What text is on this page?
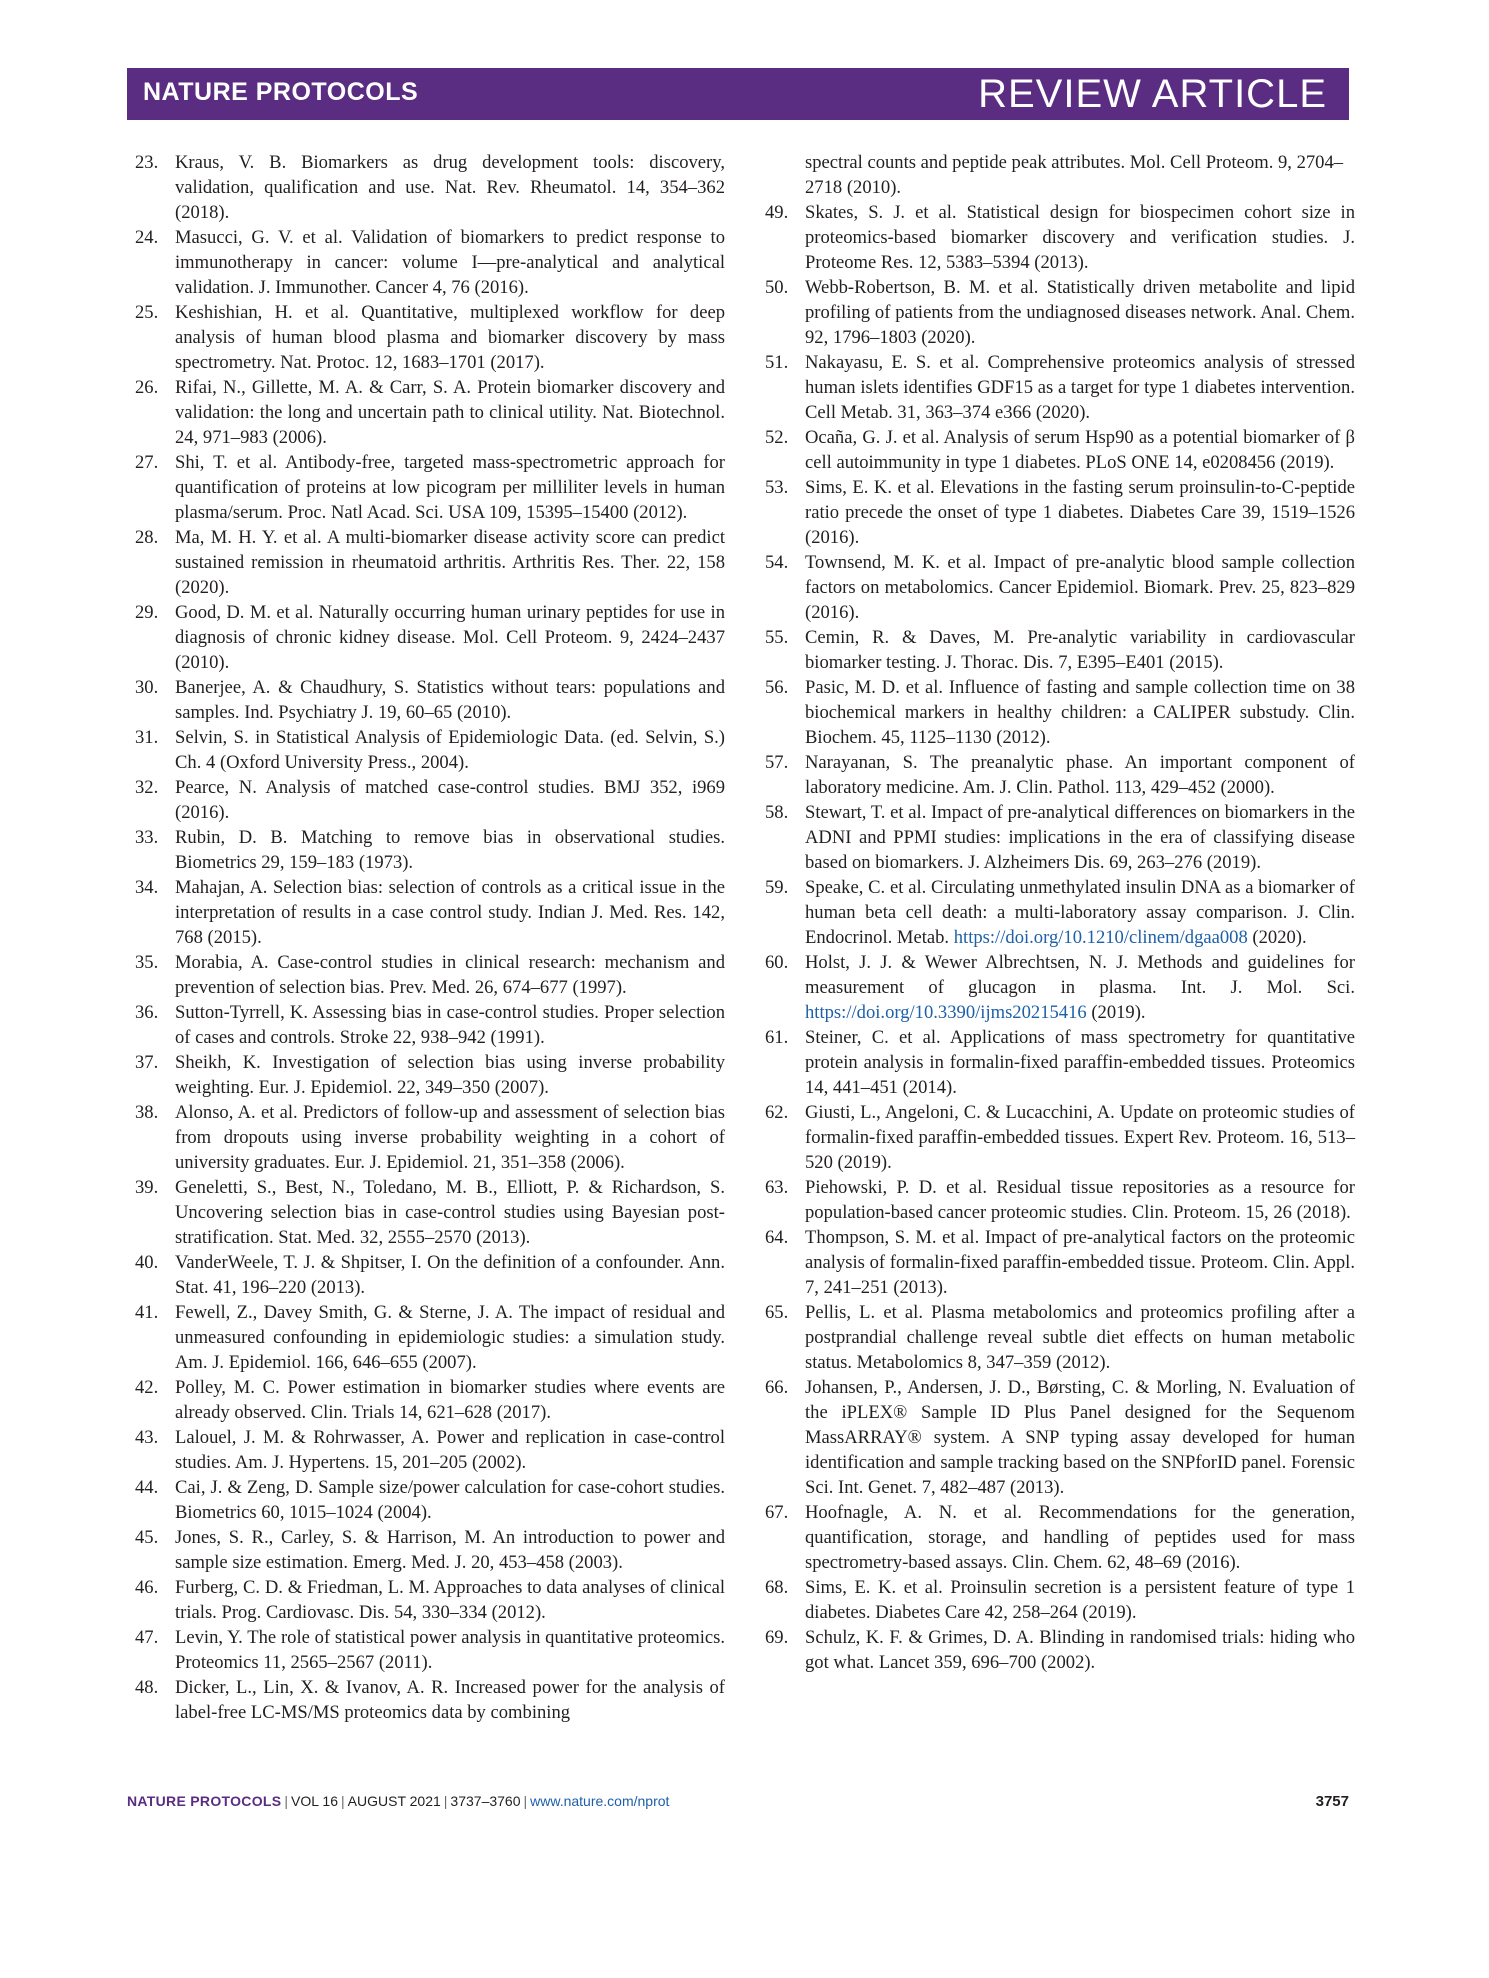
NATURE PROTOCOLS	REVIEW ARTICLE
23. Kraus, V. B. Biomarkers as drug development tools: discovery, validation, qualification and use. Nat. Rev. Rheumatol. 14, 354–362 (2018).
24. Masucci, G. V. et al. Validation of biomarkers to predict response to immunotherapy in cancer: volume I—pre-analytical and analytical validation. J. Immunother. Cancer 4, 76 (2016).
25. Keshishian, H. et al. Quantitative, multiplexed workflow for deep analysis of human blood plasma and biomarker discovery by mass spectrometry. Nat. Protoc. 12, 1683–1701 (2017).
26. Rifai, N., Gillette, M. A. & Carr, S. A. Protein biomarker discovery and validation: the long and uncertain path to clinical utility. Nat. Biotechnol. 24, 971–983 (2006).
27. Shi, T. et al. Antibody-free, targeted mass-spectrometric approach for quantification of proteins at low picogram per milliliter levels in human plasma/serum. Proc. Natl Acad. Sci. USA 109, 15395–15400 (2012).
28. Ma, M. H. Y. et al. A multi-biomarker disease activity score can predict sustained remission in rheumatoid arthritis. Arthritis Res. Ther. 22, 158 (2020).
29. Good, D. M. et al. Naturally occurring human urinary peptides for use in diagnosis of chronic kidney disease. Mol. Cell Proteom. 9, 2424–2437 (2010).
30. Banerjee, A. & Chaudhury, S. Statistics without tears: populations and samples. Ind. Psychiatry J. 19, 60–65 (2010).
31. Selvin, S. in Statistical Analysis of Epidemiologic Data. (ed. Selvin, S.) Ch. 4 (Oxford University Press., 2004).
32. Pearce, N. Analysis of matched case-control studies. BMJ 352, i969 (2016).
33. Rubin, D. B. Matching to remove bias in observational studies. Biometrics 29, 159–183 (1973).
34. Mahajan, A. Selection bias: selection of controls as a critical issue in the interpretation of results in a case control study. Indian J. Med. Res. 142, 768 (2015).
35. Morabia, A. Case-control studies in clinical research: mechanism and prevention of selection bias. Prev. Med. 26, 674–677 (1997).
36. Sutton-Tyrrell, K. Assessing bias in case-control studies. Proper selection of cases and controls. Stroke 22, 938–942 (1991).
37. Sheikh, K. Investigation of selection bias using inverse probability weighting. Eur. J. Epidemiol. 22, 349–350 (2007).
38. Alonso, A. et al. Predictors of follow-up and assessment of selection bias from dropouts using inverse probability weighting in a cohort of university graduates. Eur. J. Epidemiol. 21, 351–358 (2006).
39. Geneletti, S., Best, N., Toledano, M. B., Elliott, P. & Richardson, S. Uncovering selection bias in case-control studies using Bayesian post-stratification. Stat. Med. 32, 2555–2570 (2013).
40. VanderWeele, T. J. & Shpitser, I. On the definition of a confounder. Ann. Stat. 41, 196–220 (2013).
41. Fewell, Z., Davey Smith, G. & Sterne, J. A. The impact of residual and unmeasured confounding in epidemiologic studies: a simulation study. Am. J. Epidemiol. 166, 646–655 (2007).
42. Polley, M. C. Power estimation in biomarker studies where events are already observed. Clin. Trials 14, 621–628 (2017).
43. Lalouel, J. M. & Rohrwasser, A. Power and replication in case-control studies. Am. J. Hypertens. 15, 201–205 (2002).
44. Cai, J. & Zeng, D. Sample size/power calculation for case-cohort studies. Biometrics 60, 1015–1024 (2004).
45. Jones, S. R., Carley, S. & Harrison, M. An introduction to power and sample size estimation. Emerg. Med. J. 20, 453–458 (2003).
46. Furberg, C. D. & Friedman, L. M. Approaches to data analyses of clinical trials. Prog. Cardiovasc. Dis. 54, 330–334 (2012).
47. Levin, Y. The role of statistical power analysis in quantitative proteomics. Proteomics 11, 2565–2567 (2011).
48. Dicker, L., Lin, X. & Ivanov, A. R. Increased power for the analysis of label-free LC-MS/MS proteomics data by combining
spectral counts and peptide peak attributes. Mol. Cell Proteom. 9, 2704–2718 (2010).
49. Skates, S. J. et al. Statistical design for biospecimen cohort size in proteomics-based biomarker discovery and verification studies. J. Proteome Res. 12, 5383–5394 (2013).
50. Webb-Robertson, B. M. et al. Statistically driven metabolite and lipid profiling of patients from the undiagnosed diseases network. Anal. Chem. 92, 1796–1803 (2020).
51. Nakayasu, E. S. et al. Comprehensive proteomics analysis of stressed human islets identifies GDF15 as a target for type 1 diabetes intervention. Cell Metab. 31, 363–374 e366 (2020).
52. Ocaña, G. J. et al. Analysis of serum Hsp90 as a potential biomarker of β cell autoimmunity in type 1 diabetes. PLoS ONE 14, e0208456 (2019).
53. Sims, E. K. et al. Elevations in the fasting serum proinsulin-to-C-peptide ratio precede the onset of type 1 diabetes. Diabetes Care 39, 1519–1526 (2016).
54. Townsend, M. K. et al. Impact of pre-analytic blood sample collection factors on metabolomics. Cancer Epidemiol. Biomark. Prev. 25, 823–829 (2016).
55. Cemin, R. & Daves, M. Pre-analytic variability in cardiovascular biomarker testing. J. Thorac. Dis. 7, E395–E401 (2015).
56. Pasic, M. D. et al. Influence of fasting and sample collection time on 38 biochemical markers in healthy children: a CALIPER substudy. Clin. Biochem. 45, 1125–1130 (2012).
57. Narayanan, S. The preanalytic phase. An important component of laboratory medicine. Am. J. Clin. Pathol. 113, 429–452 (2000).
58. Stewart, T. et al. Impact of pre-analytical differences on biomarkers in the ADNI and PPMI studies: implications in the era of classifying disease based on biomarkers. J. Alzheimers Dis. 69, 263–276 (2019).
59. Speake, C. et al. Circulating unmethylated insulin DNA as a biomarker of human beta cell death: a multi-laboratory assay comparison. J. Clin. Endocrinol. Metab. https://doi.org/10.1210/clinem/dgaa008 (2020).
60. Holst, J. J. & Wewer Albrechtsen, N. J. Methods and guidelines for measurement of glucagon in plasma. Int. J. Mol. Sci. https://doi.org/10.3390/ijms20215416 (2019).
61. Steiner, C. et al. Applications of mass spectrometry for quantitative protein analysis in formalin-fixed paraffin-embedded tissues. Proteomics 14, 441–451 (2014).
62. Giusti, L., Angeloni, C. & Lucacchini, A. Update on proteomic studies of formalin-fixed paraffin-embedded tissues. Expert Rev. Proteom. 16, 513–520 (2019).
63. Piehowski, P. D. et al. Residual tissue repositories as a resource for population-based cancer proteomic studies. Clin. Proteom. 15, 26 (2018).
64. Thompson, S. M. et al. Impact of pre-analytical factors on the proteomic analysis of formalin-fixed paraffin-embedded tissue. Proteom. Clin. Appl. 7, 241–251 (2013).
65. Pellis, L. et al. Plasma metabolomics and proteomics profiling after a postprandial challenge reveal subtle diet effects on human metabolic status. Metabolomics 8, 347–359 (2012).
66. Johansen, P., Andersen, J. D., Børsting, C. & Morling, N. Evaluation of the iPLEX® Sample ID Plus Panel designed for the Sequenom MassARRAY® system. A SNP typing assay developed for human identification and sample tracking based on the SNPforID panel. Forensic Sci. Int. Genet. 7, 482–487 (2013).
67. Hoofnagle, A. N. et al. Recommendations for the generation, quantification, storage, and handling of peptides used for mass spectrometry-based assays. Clin. Chem. 62, 48–69 (2016).
68. Sims, E. K. et al. Proinsulin secretion is a persistent feature of type 1 diabetes. Diabetes Care 42, 258–264 (2019).
69. Schulz, K. F. & Grimes, D. A. Blinding in randomised trials: hiding who got what. Lancet 359, 696–700 (2002).
NATURE PROTOCOLS | VOL 16 | AUGUST 2021 | 3737–3760 | www.nature.com/nprot	3757
